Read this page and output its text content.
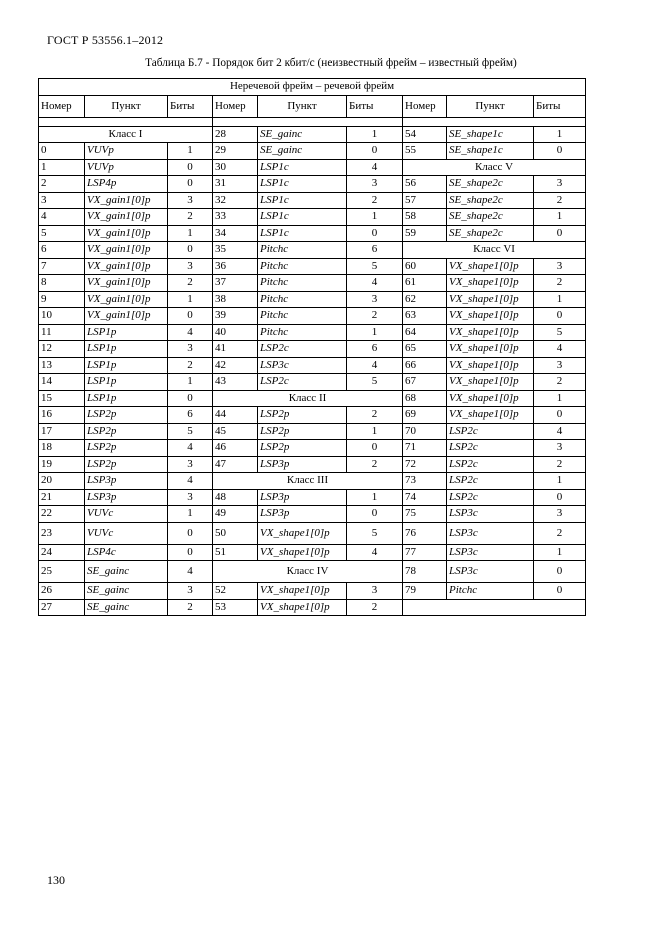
ГОСТ Р 53556.1–2012
Таблица Б.7 - Порядок бит 2 кбит/с (неизвестный фрейм – известный фрейм)
Неречевой фрейм – речевой фрейм								
Номер	Пункт	Биты	Номер	Пункт	Биты	Номер	Пункт	Биты

Класс I			28	SE_gainc	1	54	SE_shape1c	1
0	VUVp	1	29	SE_gainc	0	55	SE_shape1c	0
1	VUVp	0	30	LSP1c	4	Класс V		
2	LSP4p	0	31	LSP1c	3	56	SE_shape2c	3
3	VX_gain1[0]p	3	32	LSP1c	2	57	SE_shape2c	2
4	VX_gain1[0]p	2	33	LSP1c	1	58	SE_shape2c	1
5	VX_gain1[0]p	1	34	LSP1c	0	59	SE_shape2c	0
6	VX_gain1[0]p	0	35	Pitchc	6	Класс VI		
7	VX_gain1[0]p	3	36	Pitchc	5	60	VX_shape1[0]p	3
8	VX_gain1[0]p	2	37	Pitchc	4	61	VX_shape1[0]p	2
9	VX_gain1[0]p	1	38	Pitchc	3	62	VX_shape1[0]p	1
10	VX_gain1[0]p	0	39	Pitchc	2	63	VX_shape1[0]p	0
11	LSP1p	4	40	Pitchc	1	64	VX_shape1[0]p	5
12	LSP1p	3	41	LSP2c	6	65	VX_shape1[0]p	4
13	LSP1p	2	42	LSP3c	4	66	VX_shape1[0]p	3
14	LSP1p	1	43	LSP2c	5	67	VX_shape1[0]p	2
15	LSP1p	0	Класс II			68	VX_shape1[0]p	1
16	LSP2p	6	44	LSP2p	2	69	VX_shape1[0]p	0
17	LSP2p	5	45	LSP2p	1	70	LSP2c	4
18	LSP2p	4	46	LSP2p	0	71	LSP2c	3
19	LSP2p	3	47	LSP3p	2	72	LSP2c	2
20	LSP3p	4	Класс III			73	LSP2c	1
21	LSP3p	3	48	LSP3p	1	74	LSP2c	0
22	VUVc	1	49	LSP3p	0	75	LSP3c	3
23	VUVc	0	50	VX_shape1[0]p	5	76	LSP3c	2
24	LSP4c	0	51	VX_shape1[0]p	4	77	LSP3c	1
25	SE_gainc	4	Класс IV			78	LSP3c	0
26	SE_gainc	3	52	VX_shape1[0]p	3	79	Pitchc	0
27	SE_gainc	2	53	VX_shape1[0]p	2			
130
